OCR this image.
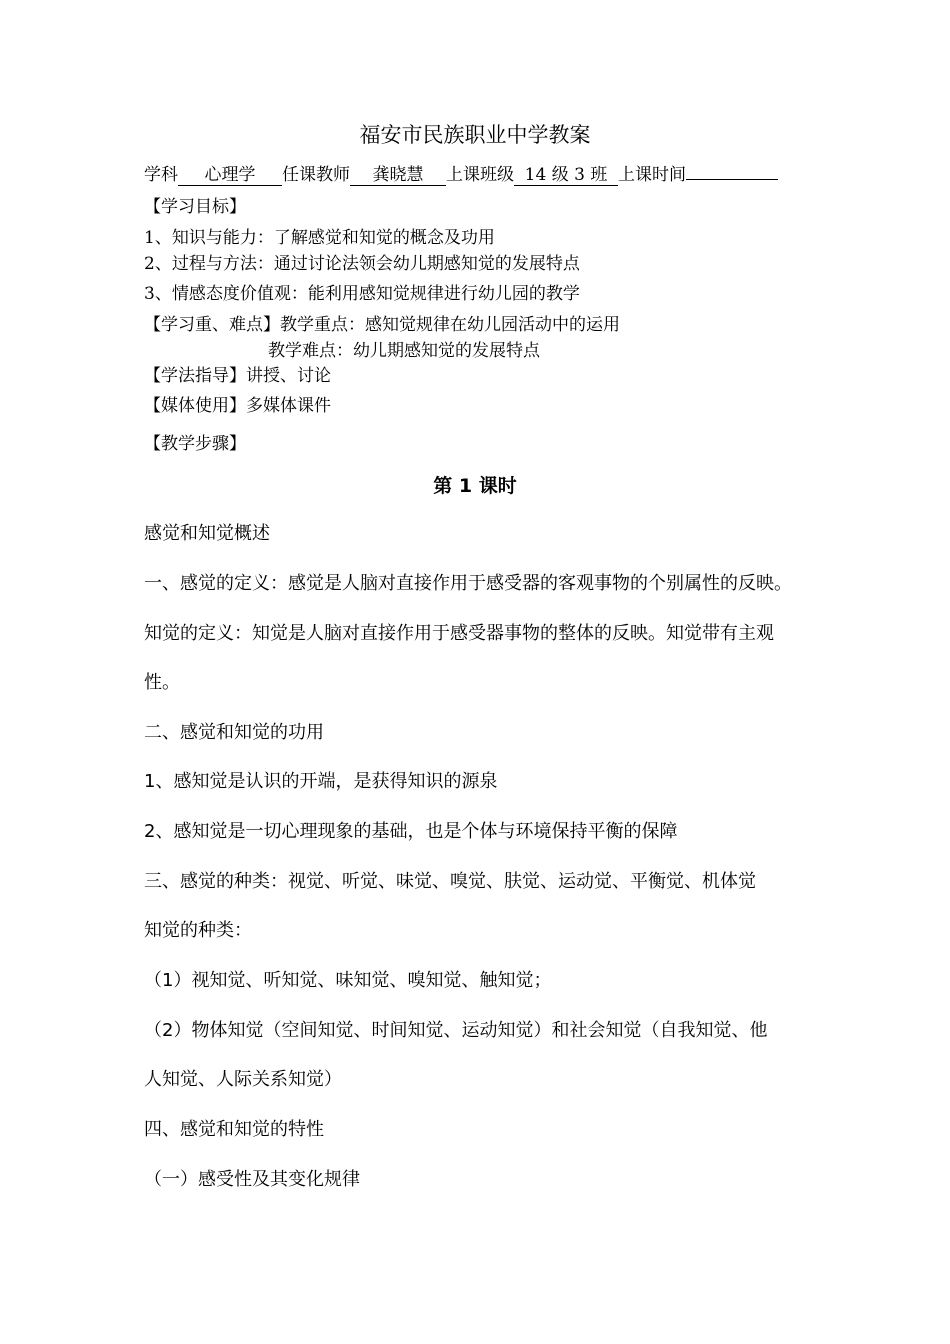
福安市民族职业中学教案
学科 心理学 任课教师 龚晓慧 上课班级 14 级 3 班 上课时间
【学习目标】
1、知识与能力：了解感觉和知觉的概念及功用
2、过程与方法：通过讨论法领会幼儿期感知觉的发展特点
3、情感态度价值观：能利用感知觉规律进行幼儿园的教学
【学习重、难点】教学重点：感知觉规律在幼儿园活动中的运用
教学难点：幼儿期感知觉的发展特点
【学法指导】讲授、讨论
【媒体使用】多媒体课件
【教学步骤】
第 1 课时
感觉和知觉概述
一、感觉的定义：感觉是人脑对直接作用于感受器的客观事物的个别属性的反映。
知觉的定义：知觉是人脑对直接作用于感受器事物的整体的反映。知觉带有主观
性。
二、感觉和知觉的功用
1、感知觉是认识的开端，是获得知识的源泉
2、感知觉是一切心理现象的基础，也是个体与环境保持平衡的保障
三、感觉的种类：视觉、听觉、味觉、嗅觉、肤觉、运动觉、平衡觉、机体觉
知觉的种类：
（1）视知觉、听知觉、味知觉、嗅知觉、触知觉；
（2）物体知觉（空间知觉、时间知觉、运动知觉）和社会知觉（自我知觉、他
人知觉、人际关系知觉）
四、感觉和知觉的特性
（一）感受性及其变化规律
